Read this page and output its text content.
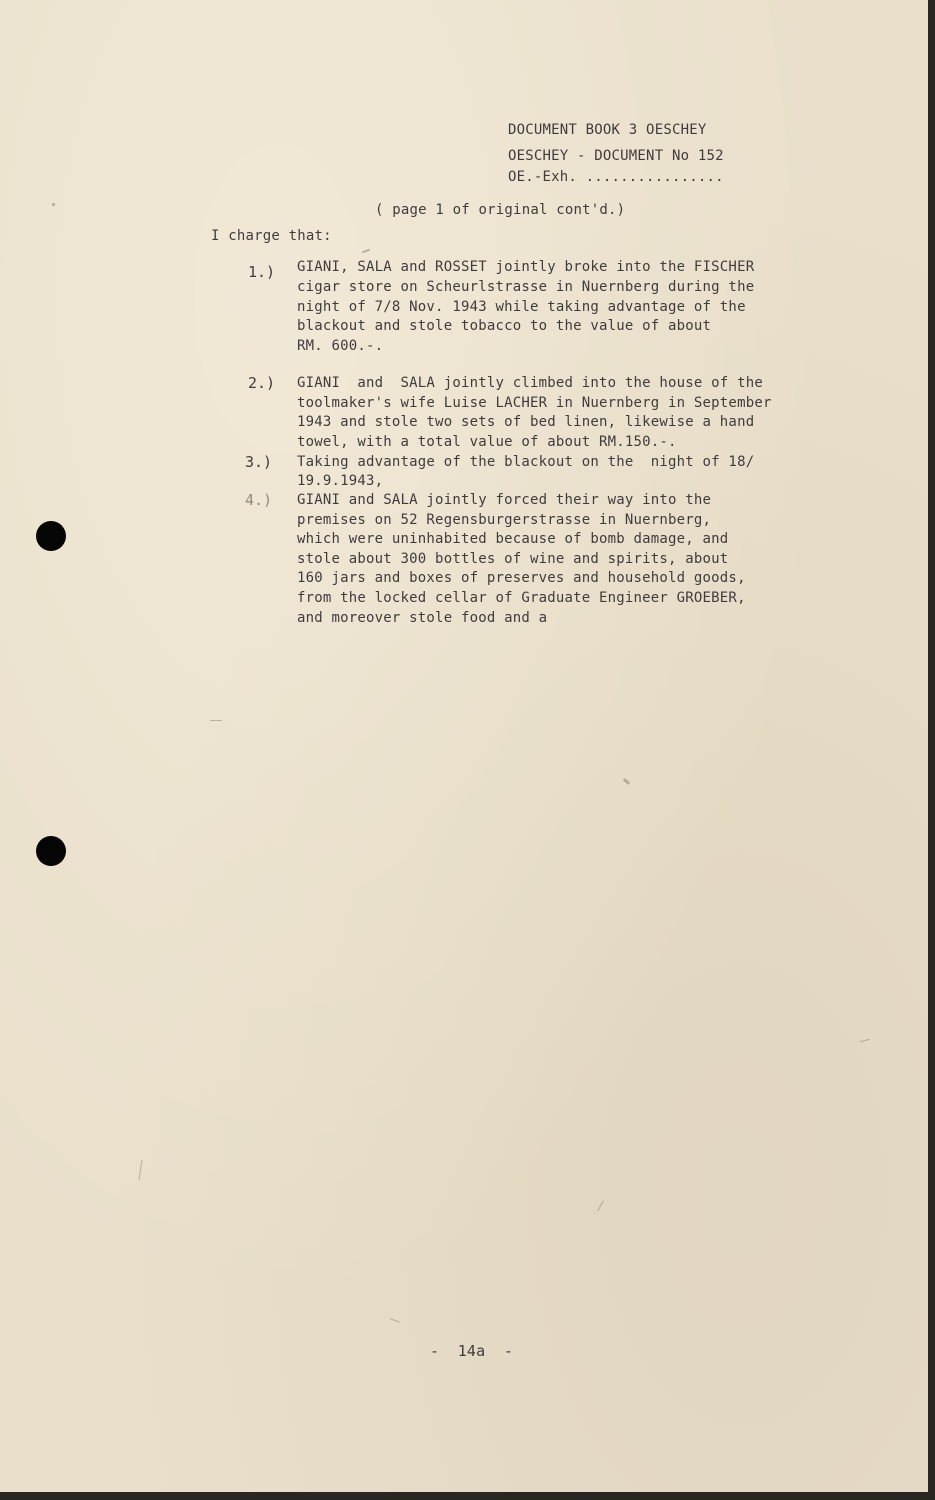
DOCUMENT BOOK 3 OESCHEY
OESCHEY - DOCUMENT No 152
OE.-Exh. ................
( page 1 of original cont'd.)
I charge that:
1.) GIANI, SALA and ROSSET jointly broke into the FISCHER
cigar store on Scheurlstrasse in Nuernberg during the
night of 7/8 Nov. 1943 while taking advantage of the
blackout and stole tobacco to the value of about
RM. 600.-.
2.) GIANI  and  SALA jointly climbed into the house of the
toolmaker's wife Luise LACHER in Nuernberg in September
1943 and stole two sets of bed linen, likewise a hand
towel, with a total value of about RM.150.-.
3.) Taking advantage of the blackout on the  night of 18/
19.9.1943,
4.) GIANI and SALA jointly forced their way into the
premises on 52 Regensburgerstrasse in Nuernberg,
which were uninhabited because of bomb damage, and
stole about 300 bottles of wine and spirits, about
160 jars and boxes of preserves and household goods,
from the locked cellar of Graduate Engineer GROEBER,
and moreover stole food and a
-  14a  -
